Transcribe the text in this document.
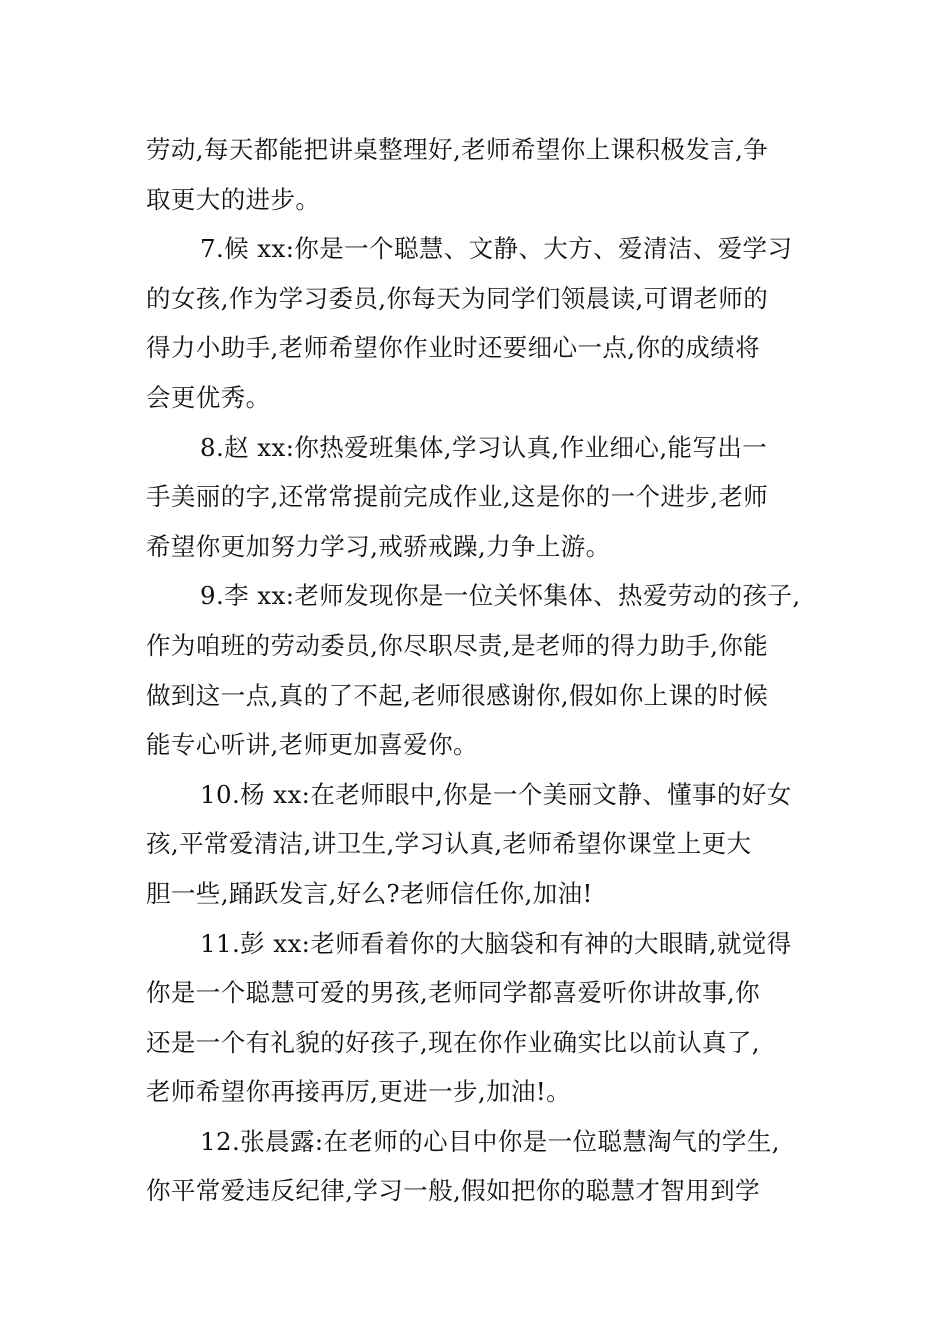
劳动,每天都能把讲桌整理好,老师希望你上课积极发言,争
取更大的进步。
7.候 xx:你是一个聪慧、文静、大方、爱清洁、爱学习
的女孩,作为学习委员,你每天为同学们领晨读,可谓老师的
得力小助手,老师希望你作业时还要细心一点,你的成绩将
会更优秀。
8.赵 xx:你热爱班集体,学习认真,作业细心,能写出一
手美丽的字,还常常提前完成作业,这是你的一个进步,老师
希望你更加努力学习,戒骄戒躁,力争上游。
9.李 xx:老师发现你是一位关怀集体、热爱劳动的孩子,
作为咱班的劳动委员,你尽职尽责,是老师的得力助手,你能
做到这一点,真的了不起,老师很感谢你,假如你上课的时候
能专心听讲,老师更加喜爱你。
10.杨 xx:在老师眼中,你是一个美丽文静、懂事的好女
孩,平常爱清洁,讲卫生,学习认真,老师希望你课堂上更大
胆一些,踊跃发言,好么?老师信任你,加油!
11.彭 xx:老师看着你的大脑袋和有神的大眼睛,就觉得
你是一个聪慧可爱的男孩,老师同学都喜爱听你讲故事,你
还是一个有礼貌的好孩子,现在你作业确实比以前认真了,
老师希望你再接再厉,更进一步,加油!。
12.张晨露:在老师的心目中你是一位聪慧淘气的学生,
你平常爱违反纪律,学习一般,假如把你的聪慧才智用到学
